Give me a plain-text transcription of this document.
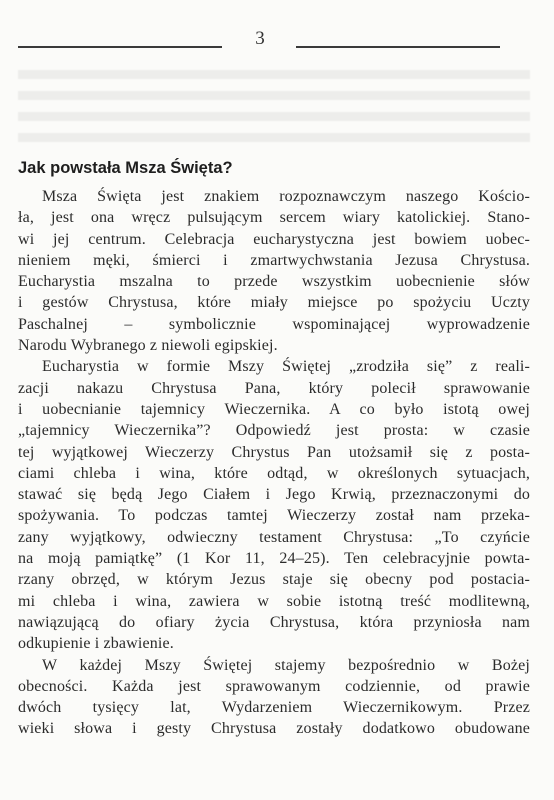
3
Jak powstała Msza Święta?
Msza Święta jest znakiem rozpoznawczym naszego Kościo-
ła, jest ona wręcz pulsującym sercem wiary katolickiej. Stano-
wi jej centrum. Celebracja eucharystyczna jest bowiem uobec-
nieniem męki, śmierci i zmartwychwstania Jezusa Chrystusa.
Eucharystia mszalna to przede wszystkim uobecnienie słów
i gestów Chrystusa, które miały miejsce po spożyciu Uczty
Paschalnej – symbolicznie wspominającej wyprowadzenie
Narodu Wybranego z niewoli egipskiej.
Eucharystia w formie Mszy Świętej „zrodziła się” z reali-
zacji nakazu Chrystusa Pana, który polecił sprawowanie
i uobecnianie tajemnicy Wieczernika. A co było istotą owej
„tajemnicy Wieczernika”? Odpowiedź jest prosta: w czasie
tej wyjątkowej Wieczerzy Chrystus Pan utożsamił się z posta-
ciami chleba i wina, które odtąd, w określonych sytuacjach,
stawać się będą Jego Ciałem i Jego Krwią, przeznaczonymi do
spożywania. To podczas tamtej Wieczerzy został nam przeka-
zany wyjątkowy, odwieczny testament Chrystusa: „To czyńcie
na moją pamiątkę” (1 Kor 11, 24–25). Ten celebracyjnie powta-
rzany obrzęd, w którym Jezus staje się obecny pod postacia-
mi chleba i wina, zawiera w sobie istotną treść modlitewną,
nawiązującą do ofiary życia Chrystusa, która przyniosła nam
odkupienie i zbawienie.
W każdej Mszy Świętej stajemy bezpośrednio w Bożej
obecności. Każda jest sprawowanym codziennie, od prawie
dwóch tysięcy lat, Wydarzeniem Wieczernikowym. Przez
wieki słowa i gesty Chrystusa zostały dodatkowo obudowane
